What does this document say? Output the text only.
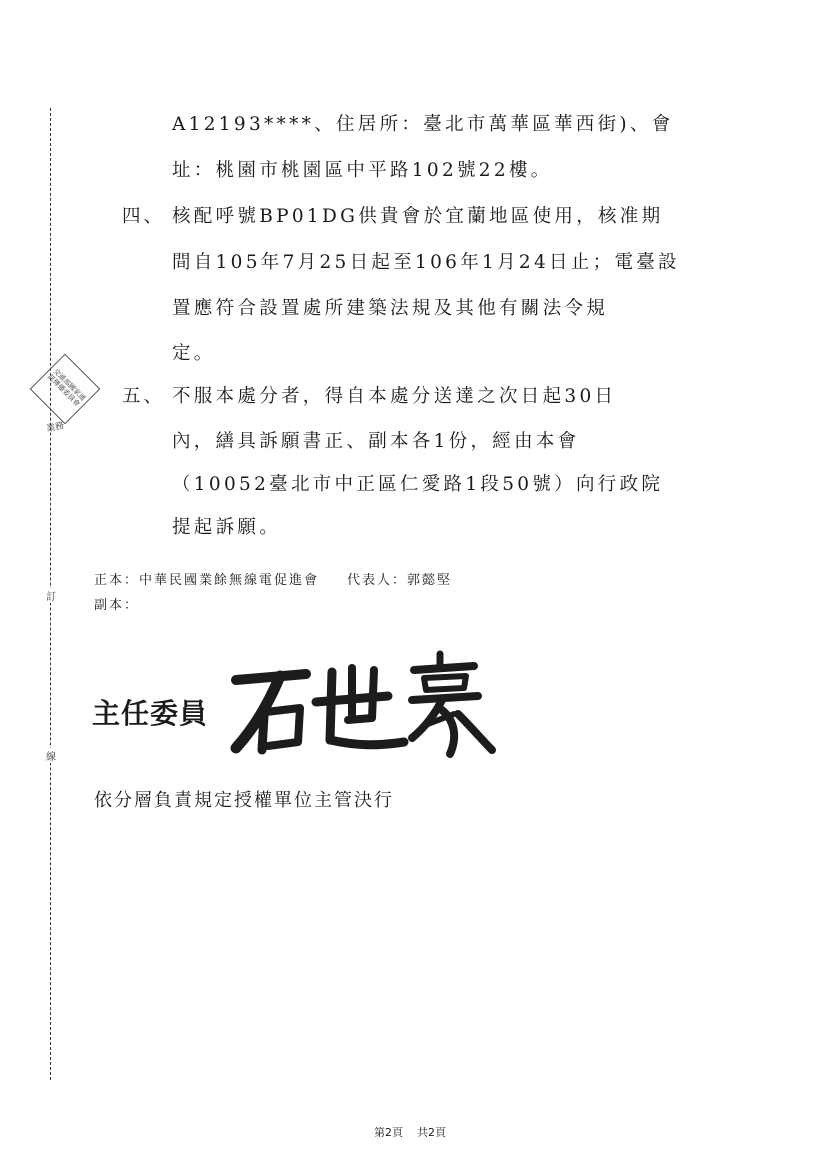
訂
線
交通部國家通訊傳播委員會
業務
A12193****、住居所：臺北市萬華區華西街)、會
址：桃園市桃園區中平路102號22樓。
四、 核配呼號BP01DG供貴會於宜蘭地區使用，核准期
間自105年7月25日起至106年1月24日止；電臺設
置應符合設置處所建築法規及其他有關法令規
定。
五、 不服本處分者，得自本處分送達之次日起30日
內，繕具訴願書正、副本各1份，經由本會
（10052臺北市中正區仁愛路1段50號）向行政院
提起訴願。
正本：中華民國業餘無線電促進會 代表人：郭懿堅
副本：
主任委員
依分層負責規定授權單位主管決行
第2頁 共2頁
